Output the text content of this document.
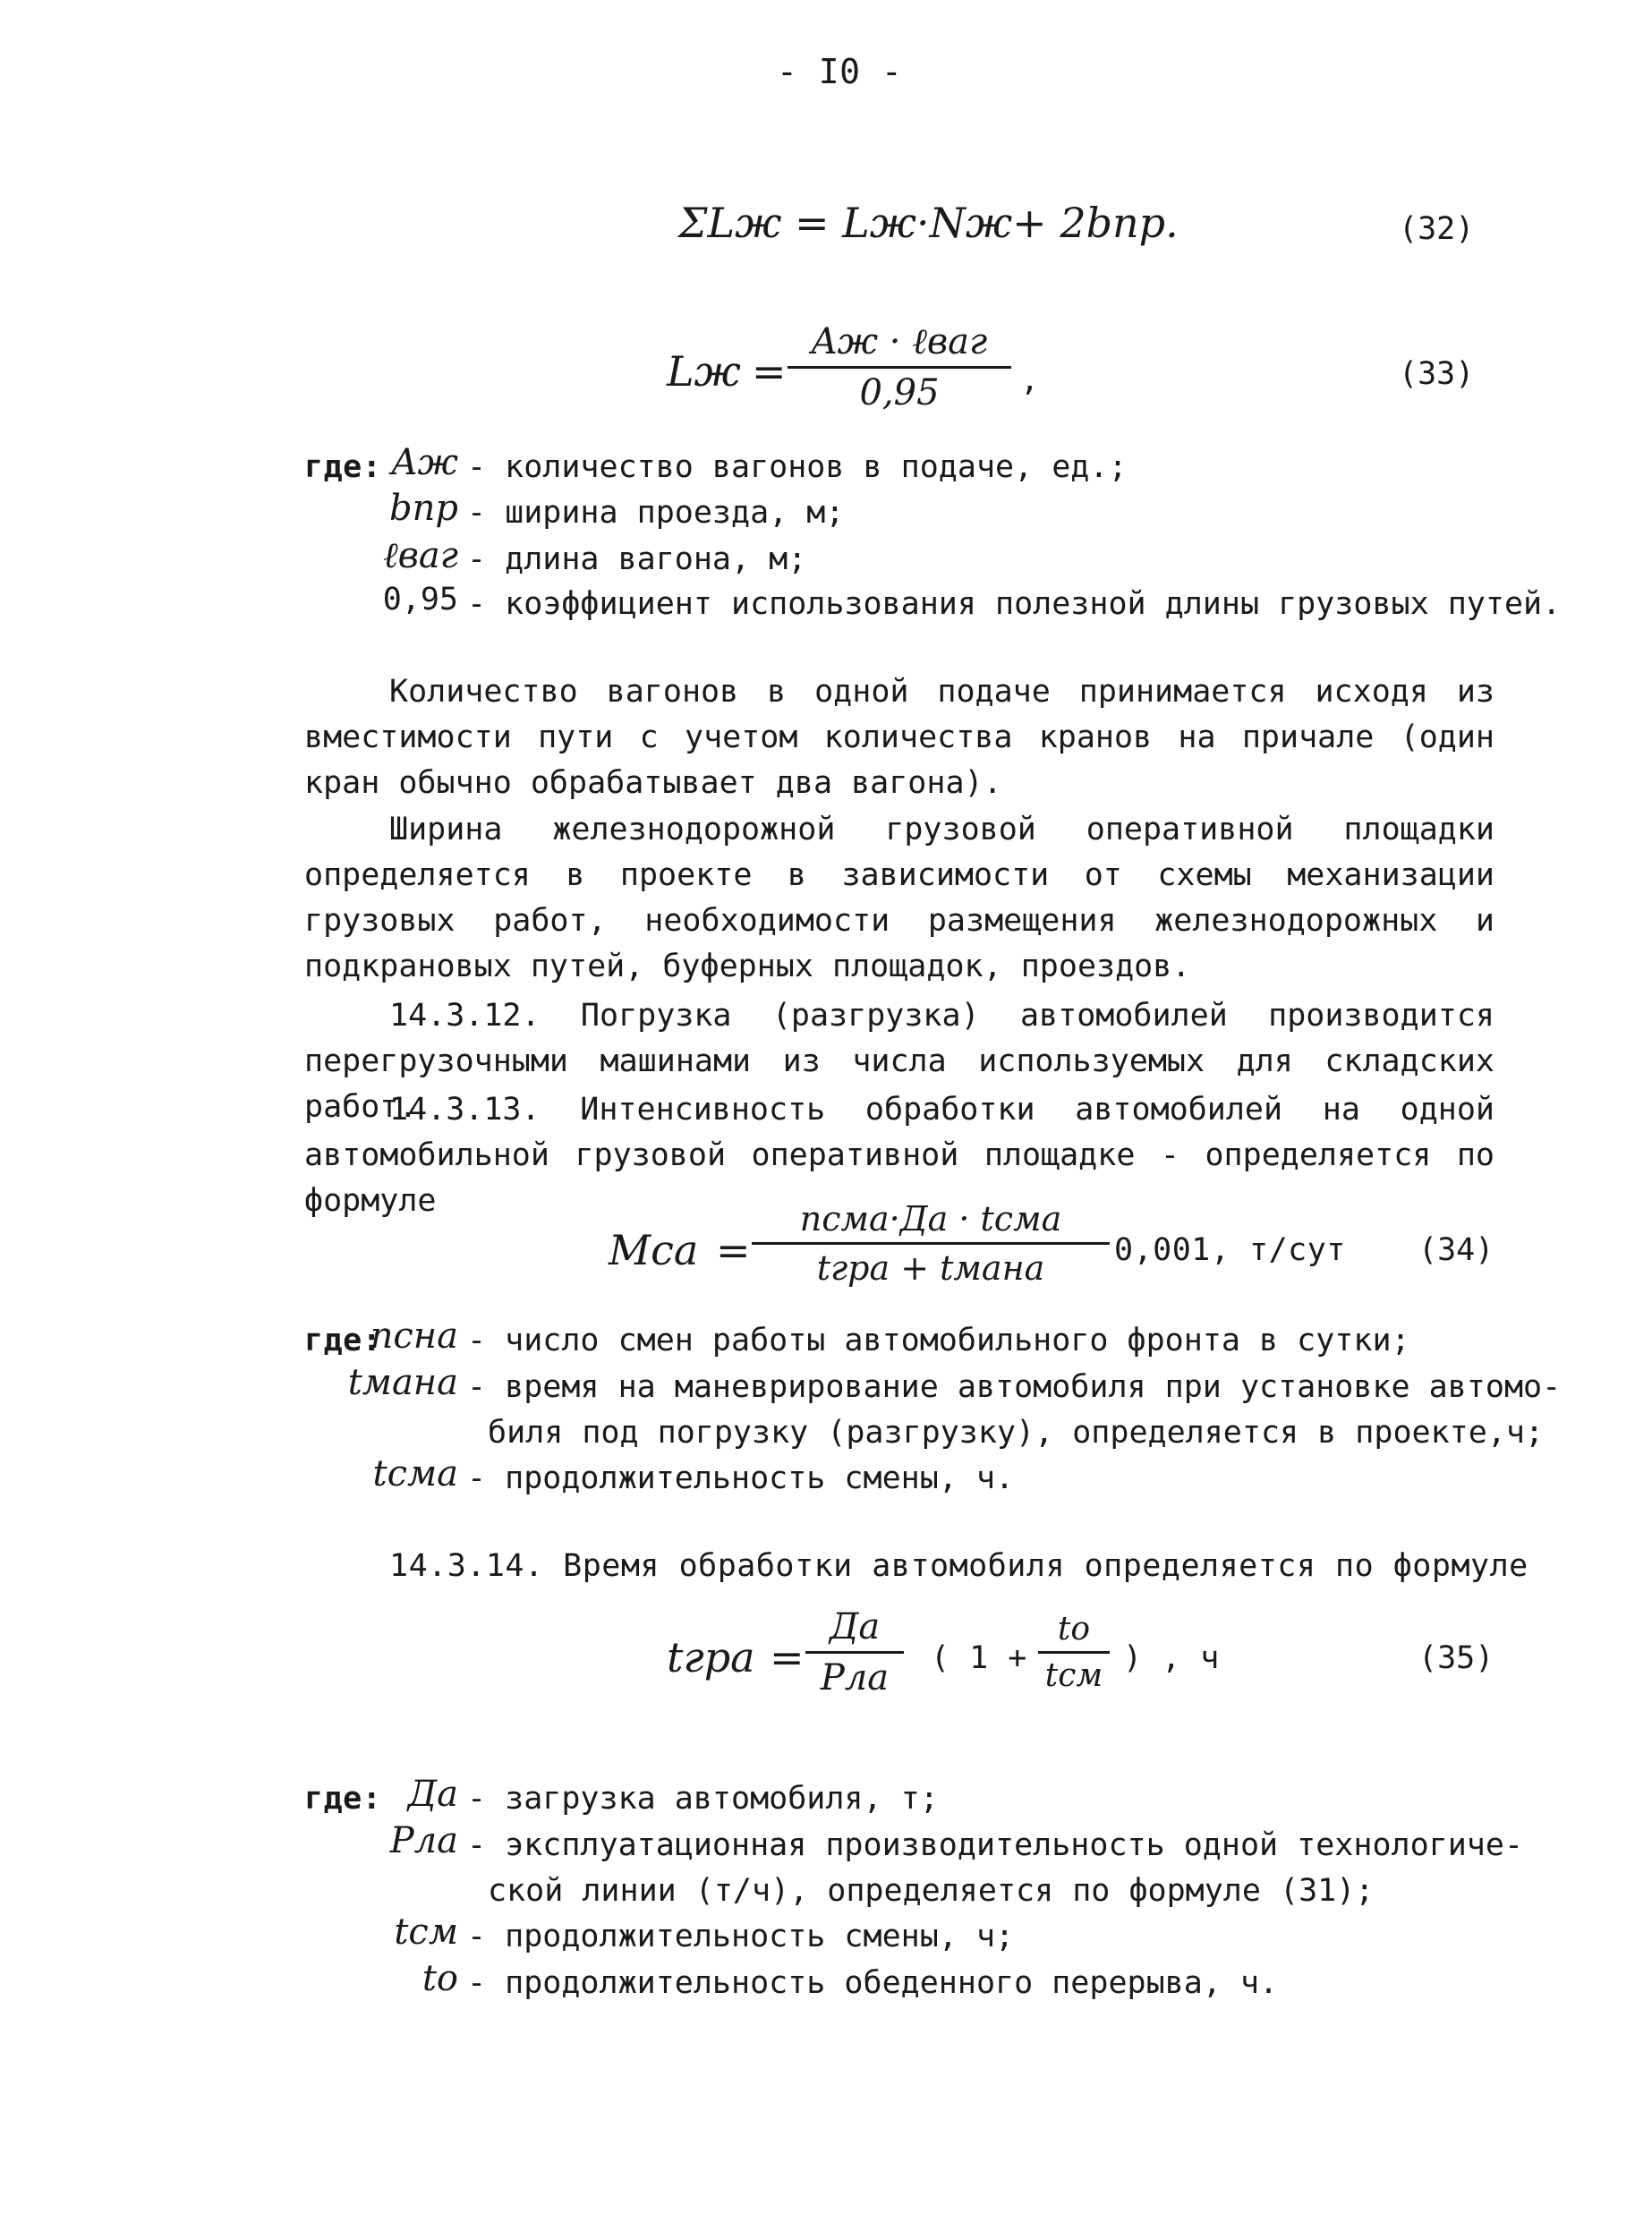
- I0 -
ΣLж = Lж·Nж+ 2bпр.	(32)
Lж =
Aж · ℓваг
0,95	,	(33)
где: Aж - количество вагонов в подаче, ед.;
bпр - ширина проезда, м;
ℓваг - длина вагона, м;
0,95 - коэффициент использования полезной длины грузовых путей.
Количество вагонов в одной подаче принимается исходя из вместимости пути с учетом количества кранов на причале (один кран обычно обрабатывает два вагона).
Ширина железнодорожной грузовой оперативной площадки определяется в проекте в зависимости от схемы механизации грузовых работ, необходимости размещения железнодорожных и подкрановых путей, буферных площадок, проездов.
14.3.12. Погрузка (разгрузка) автомобилей производится перегрузочными машинами из числа используемых для складских работ.
14.3.13. Интенсивность обработки автомобилей на одной автомобильной грузовой оперативной площадке - определяется по формуле
Mса =
nсма·Да · tсма
tгра + tмана	0,001, т/сут (34)
где:
nсна - число смен работы автомобильного фронта в сутки;
tмана - время на маневрирование автомобиля при установке автомо-
биля под погрузку (разгрузку), определяется в проекте,ч;
tсма - продолжительность смены, ч.
14.3.14. Время обработки автомобиля определяется по формуле
tгра =
Да
Pла	( 1 +
tо
tсм ) , ч	(35)
где: Да - загрузка автомобиля, т;
Pла - эксплуатационная производительность одной технологиче-
ской линии (т/ч), определяется по формуле (31);
tсм - продолжительность смены, ч;
tо - продолжительность обеденного перерыва, ч.
